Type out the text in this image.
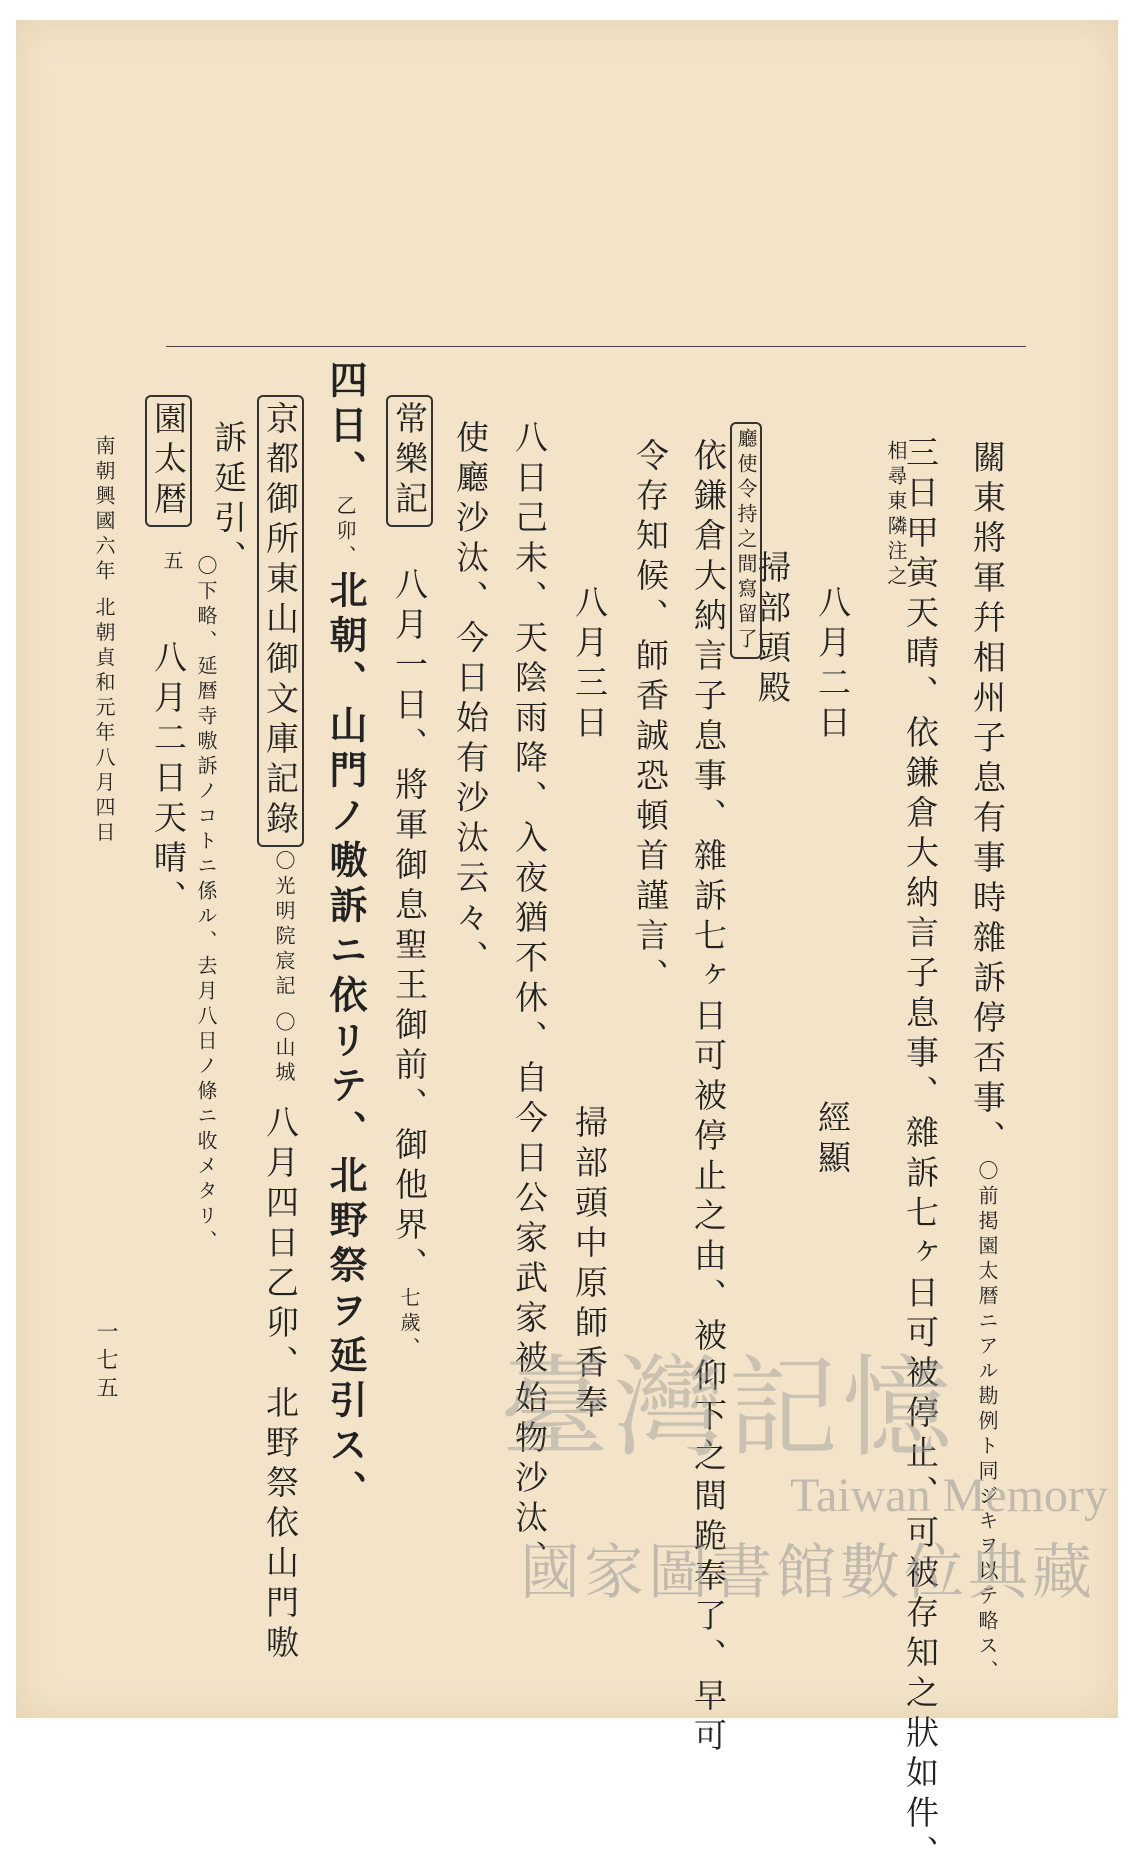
關東將軍幷相州子息有事時雜訴停否事、〇前掲園太暦ニアル勘例ト同ジキヲ以テ略ス、
三日甲寅天晴、依鎌倉大納言子息事、雜訴七ヶ日可被停止、可被存知之狀如件、
相尋東隣注之
八月二日
經顯
掃部頭殿
廳使令持之間寫留了
依鎌倉大納言子息事、雜訴七ヶ日可被停止之由、被仰下之間跪奉了、早可
令存知候、師香誠恐頓首謹言、
八月三日
掃部頭中原師香奉
八日己未、天陰雨降、入夜猶不休、自今日公家武家被始物沙汰、
使廳沙汰、今日始有沙汰云々、
常樂記　八月一日、將軍御息聖王御前、御他界、七歲、
四日、乙卯、北朝、山門ノ嗷訴ニ依リテ、北野祭ヲ延引ス、
京都御所東山御文庫記錄
〇光明院宸記 〇山城
八月四日乙卯、北野祭依山門嗷
訴延引、
〇下略、延暦寺嗷訴ノコトニ係ル、去月八日ノ條ニ收メタリ、
園太暦
五
八月二日天晴、
南朝興國六年 北朝貞和元年八月四日
一七五	臺灣記憶
Taiwan Memory
國家圖書館數位典藏
